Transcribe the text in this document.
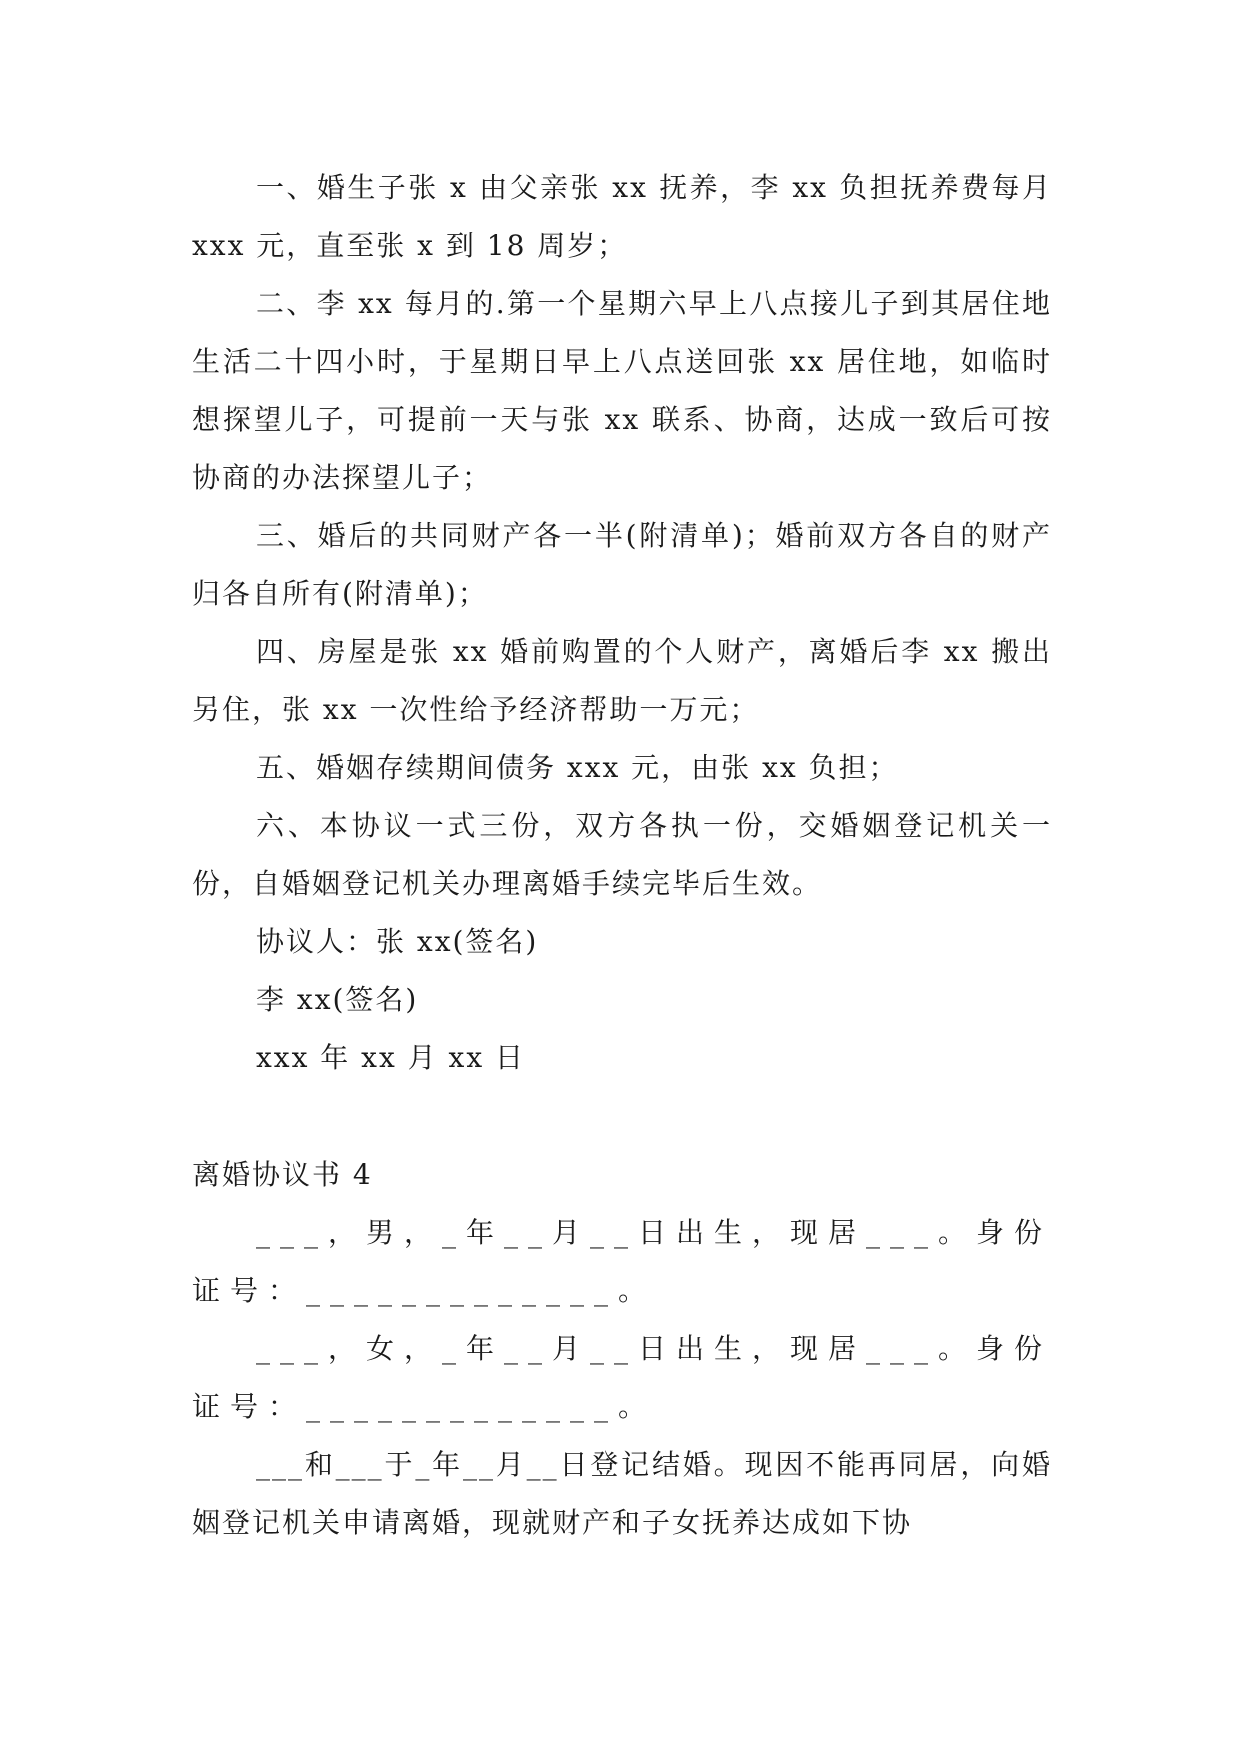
一、婚生子张 x 由父亲张 xx 抚养，李 xx 负担抚养费每月 xxx 元，直至张 x 到 18 周岁；

二、李 xx 每月的.第一个星期六早上八点接儿子到其居住地生活二十四小时，于星期日早上八点送回张 xx 居住地，如临时想探望儿子，可提前一天与张 xx 联系、协商，达成一致后可按协商的办法探望儿子；

三、婚后的共同财产各一半(附清单)；婚前双方各自的财产归各自所有(附清单)；

四、房屋是张 xx 婚前购置的个人财产，离婚后李 xx 搬出另住，张 xx 一次性给予经济帮助一万元；

五、婚姻存续期间债务 xxx 元，由张 xx 负担；

六、本协议一式三份，双方各执一份，交婚姻登记机关一份，自婚姻登记机关办理离婚手续完毕后生效。

协议人：张 xx(签名)

李 xx(签名)

xxx 年 xx 月 xx 日

离婚协议书 4

___，男，_年__月__日出生，现居___。身份证号：_____________。

___，女，_年__月__日出生，现居___。身份证号：_____________。

___和___于_年__月__日登记结婚。现因不能再同居，向婚姻登记机关申请离婚，现就财产和子女抚养达成如下协
